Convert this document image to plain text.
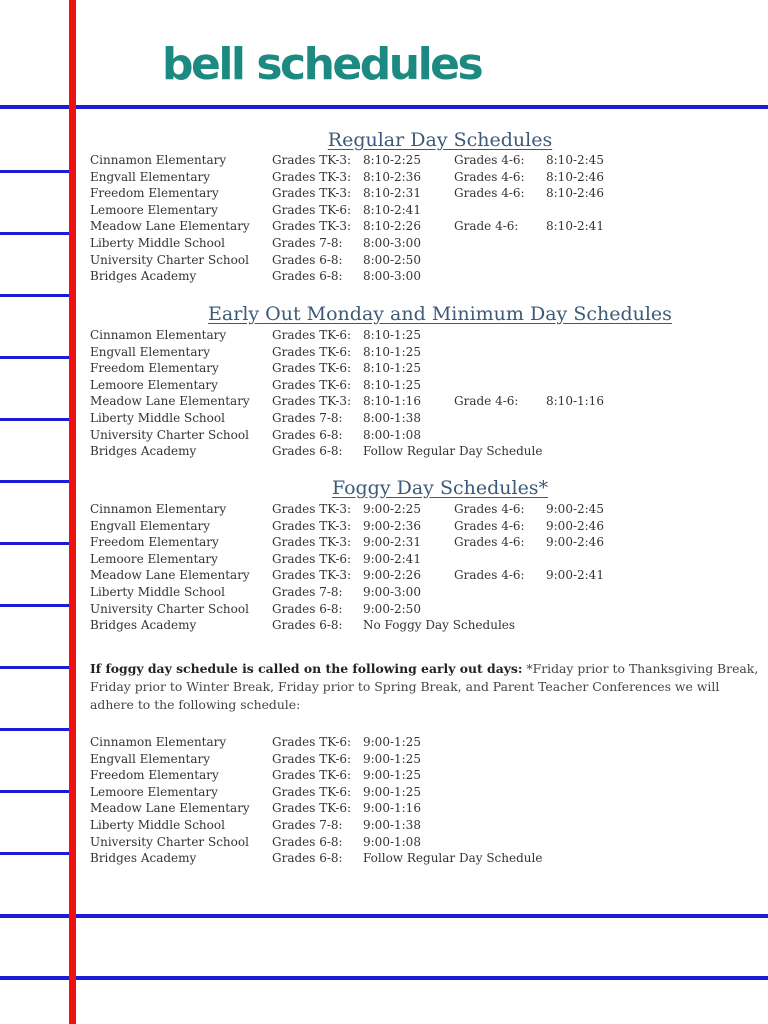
bell schedules
Regular Day Schedules
Cinnamon Elementary	Grades TK-3: 8:10-2:25	Grades 4-6: 8:10-2:45
Engvall Elementary	Grades TK-3: 8:10-2:36	Grades 4-6: 8:10-2:46
Freedom Elementary	Grades TK-3: 8:10-2:31	Grades 4-6: 8:10-2:46
Lemoore Elementary	Grades TK-6: 8:10-2:41
Meadow Lane Elementary Grades TK-3: 8:10-2:26	Grade 4-6: 8:10-2:41
Liberty Middle School	Grades 7-8: 8:00-3:00
University Charter School Grades 6-8: 8:00-2:50
Bridges Academy	Grades 6-8: 8:00-3:00
Early Out Monday and Minimum Day Schedules
Cinnamon Elementary	Grades TK-6: 8:10-1:25
Engvall Elementary	Grades TK-6: 8:10-1:25
Freedom Elementary	Grades TK-6: 8:10-1:25
Lemoore Elementary	Grades TK-6: 8:10-1:25
Meadow Lane Elementary Grades TK-3: 8:10-1:16	Grade 4-6: 8:10-1:16
Liberty Middle School	Grades 7-8: 8:00-1:38
University Charter School Grades 6-8: 8:00-1:08
Bridges Academy	Grades 6-8: Follow Regular Day Schedule
Foggy Day Schedules*
Cinnamon Elementary	Grades TK-3: 9:00-2:25	Grades 4-6: 9:00-2:45
Engvall Elementary	Grades TK-3: 9:00-2:36	Grades 4-6: 9:00-2:46
Freedom Elementary	Grades TK-3: 9:00-2:31	Grades 4-6: 9:00-2:46
Lemoore Elementary	Grades TK-6: 9:00-2:41
Meadow Lane Elementary Grades TK-3: 9:00-2:26	Grades 4-6: 9:00-2:41
Liberty Middle School	Grades 7-8: 9:00-3:00
University Charter School Grades 6-8: 9:00-2:50
Bridges Academy	Grades 6-8: No Foggy Day Schedules

If foggy day schedule is called on the following early out days: *Friday prior to Thanksgiving Break, Friday prior to Winter Break, Friday prior to Spring Break, and Parent Teacher Conferences we will adhere to the following schedule:

Cinnamon Elementary	Grades TK-6: 9:00-1:25
Engvall Elementary	Grades TK-6: 9:00-1:25
Freedom Elementary	Grades TK-6: 9:00-1:25
Lemoore Elementary	Grades TK-6: 9:00-1:25
Meadow Lane Elementary Grades TK-6: 9:00-1:16
Liberty Middle School	Grades 7-8: 9:00-1:38
University Charter School Grades 6-8: 9:00-1:08
Bridges Academy	Grades 6-8: Follow Regular Day Schedule
